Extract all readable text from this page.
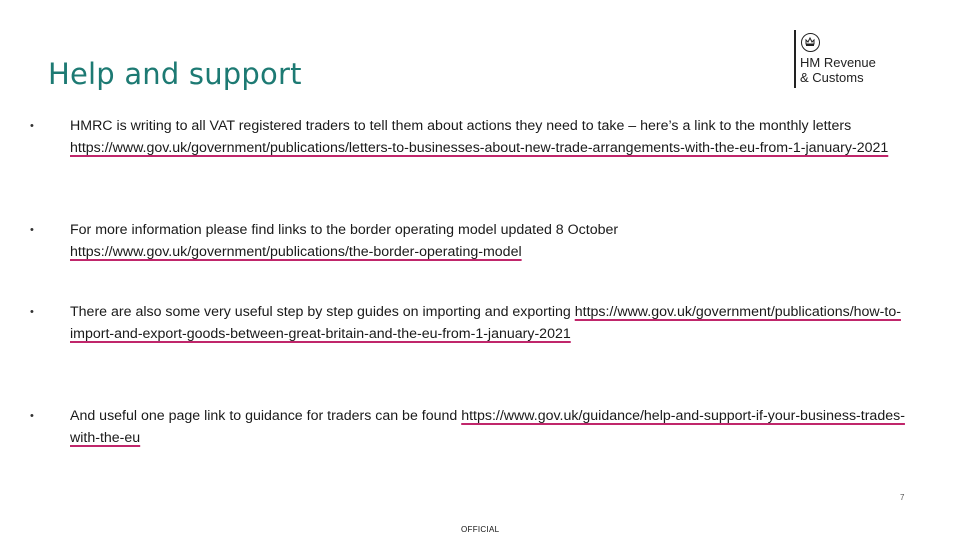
Help and support	HM Revenue
& Customs
•	HMRC is writing to all VAT registered traders to tell them about actions they need to take – here’s a link to the monthly letters https://www.gov.uk/government/publications/letters-to-businesses-about-new-trade-arrangements-with-the-eu-from-1-january-2021
•	For more information please find links to the border operating model updated 8 October https://www.gov.uk/government/publications/the-border-operating-model
•	There are also some very useful step by step guides on importing and exporting https://www.gov.uk/government/publications/how-to-import-and-export-goods-between-great-britain-and-the-eu-from-1-january-2021
•	And useful one page link to guidance for traders can be found https://www.gov.uk/guidance/help-and-support-if-your-business-trades-with-the-eu
7
OFFICIAL
